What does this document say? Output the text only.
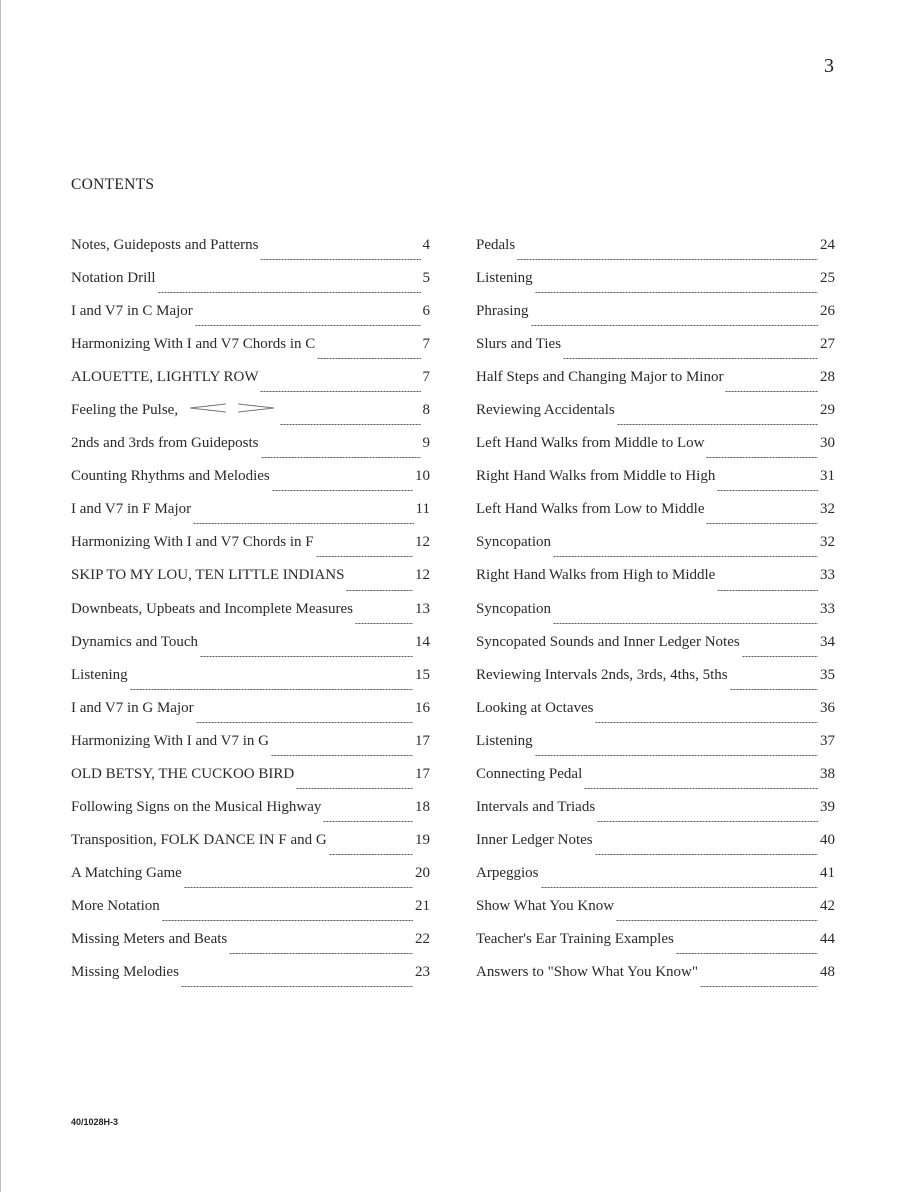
3
CONTENTS
Notes, Guideposts and Patterns	4
Notation Drill	5
I and V7 in C Major	6
Harmonizing With I and V7 Chords in C	7
ALOUETTE, LIGHTLY ROW	7
Feeling the Pulse,	8
2nds and 3rds from Guideposts	9
Counting Rhythms and Melodies	10
I and V7 in F Major	11
Harmonizing With I and V7 Chords in F	12
SKIP TO MY LOU, TEN LITTLE INDIANS	12
Downbeats, Upbeats and Incomplete Measures	13
Dynamics and Touch	14
Listening	15
I and V7 in G Major	16
Harmonizing With I and V7 in G	17
OLD BETSY, THE CUCKOO BIRD	17
Following Signs on the Musical Highway	18
Transposition, FOLK DANCE IN F and G	19
A Matching Game	20
More Notation	21
Missing Meters and Beats	22
Missing Melodies	23
Pedals	24
Listening	25
Phrasing	26
Slurs and Ties	27
Half Steps and Changing Major to Minor	28
Reviewing Accidentals	29
Left Hand Walks from Middle to Low	30
Right Hand Walks from Middle to High	31
Left Hand Walks from Low to Middle	32
Syncopation	32
Right Hand Walks from High to Middle	33
Syncopation	33
Syncopated Sounds and Inner Ledger Notes	34
Reviewing Intervals 2nds, 3rds, 4ths, 5ths	35
Looking at Octaves	36
Listening	37
Connecting Pedal	38
Intervals and Triads	39
Inner Ledger Notes	40
Arpeggios	41
Show What You Know	42
Teacher's Ear Training Examples	44
Answers to "Show What You Know"	48
40/1028H-3
